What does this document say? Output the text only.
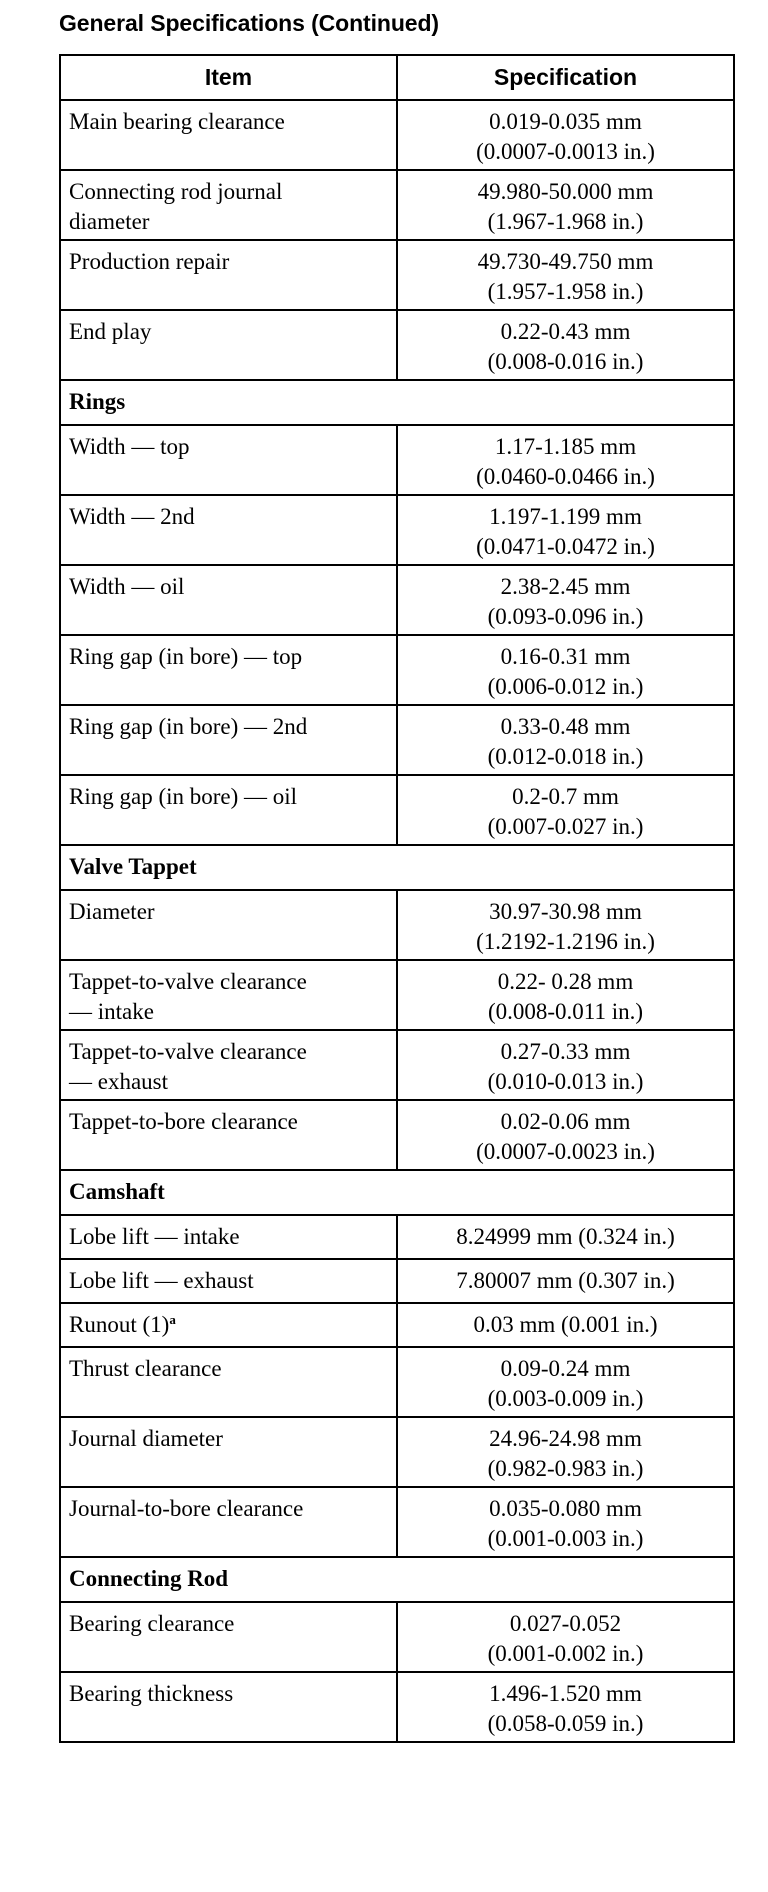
General Specifications (Continued)
Item	Specification

Main bearing clearance	0.019-0.035 mm
(0.0007-0.0013 in.)

Connecting rod journal
diameter	49.980-50.000 mm
(1.967-1.968 in.)

Production repair	49.730-49.750 mm
(1.957-1.958 in.)

End play	0.22-0.43 mm
(0.008-0.016 in.)

Rings	

Width — top	1.17-1.185 mm
(0.0460-0.0466 in.)

Width — 2nd	1.197-1.199 mm
(0.0471-0.0472 in.)

Width — oil	2.38-2.45 mm
(0.093-0.096 in.)

Ring gap (in bore) — top	0.16-0.31 mm
(0.006-0.012 in.)

Ring gap (in bore) — 2nd	0.33-0.48 mm
(0.012-0.018 in.)

Ring gap (in bore) — oil	0.2-0.7 mm
(0.007-0.027 in.)

Valve Tappet	

Diameter	30.97-30.98 mm
(1.2192-1.2196 in.)

Tappet-to-valve clearance
— intake	0.22- 0.28 mm
(0.008-0.011 in.)

Tappet-to-valve clearance
— exhaust	0.27-0.33 mm
(0.010-0.013 in.)

Tappet-to-bore clearance	0.02-0.06 mm
(0.0007-0.0023 in.)

Camshaft	

Lobe lift — intake	8.24999 mm (0.324 in.)

Lobe lift — exhaust	7.80007 mm (0.307 in.)

Runout (1)$^a$	0.03 mm (0.001 in.)

Thrust clearance	0.09-0.24 mm
(0.003-0.009 in.)

Journal diameter	24.96-24.98 mm
(0.982-0.983 in.)

Journal-to-bore clearance	0.035-0.080 mm
(0.001-0.003 in.)

Connecting Rod	

Bearing clearance	0.027-0.052
(0.001-0.002 in.)

Bearing thickness	1.496-1.520 mm
(0.058-0.059 in.)
